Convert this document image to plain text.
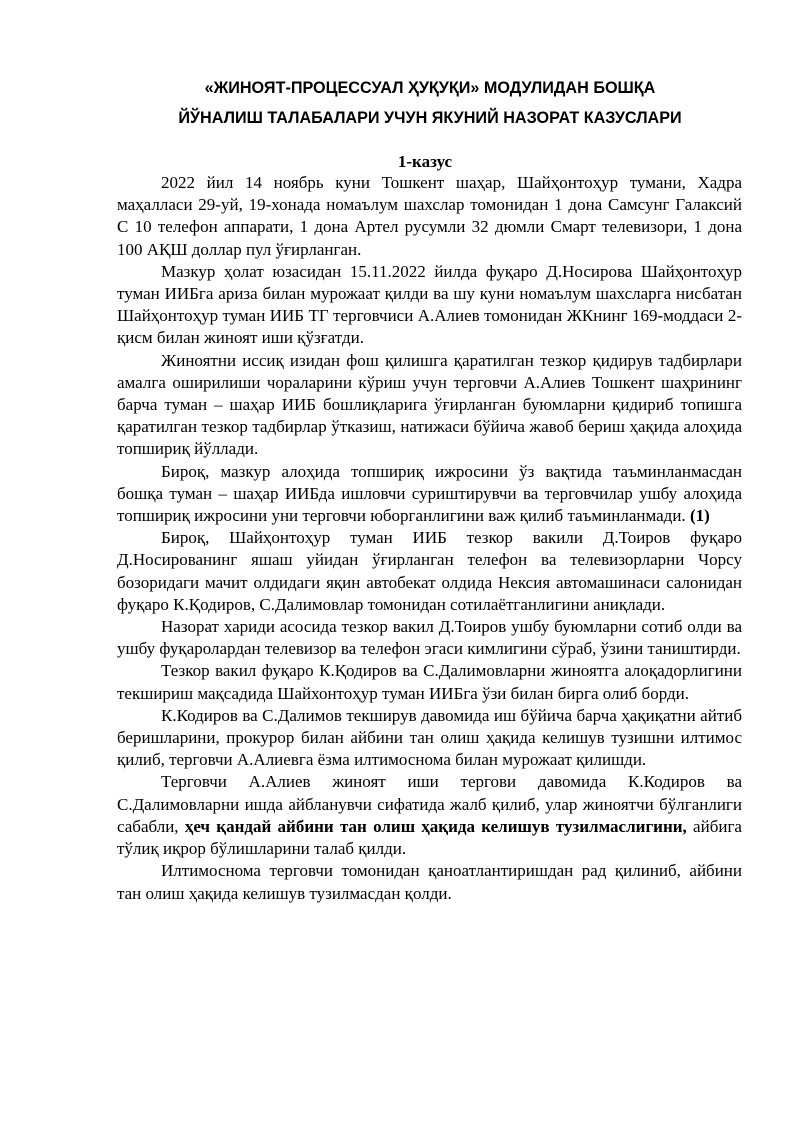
«ЖИНОЯТ-ПРОЦЕССУАЛ ҲУҚУҚИ» МОДУЛИДАН БОШҚА
ЙЎНАЛИШ ТАЛАБАЛАРИ УЧУН ЯКУНИЙ НАЗОРАТ КАЗУСЛАРИ
1-казус

2022 йил 14 ноябрь куни Тошкент шаҳар, Шайҳонтоҳур тумани, Хадра маҳалласи 29-уй, 19-хонада номаълум шахслар томонидан 1 дона Самсунг Галаксий С 10 телефон аппарати, 1 дона Артел русумли 32 дюмли Смарт телевизори, 1 дона 100 АҚШ доллар пул ўғирланган.

Мазкур ҳолат юзасидан 15.11.2022 йилда фуқаро Д.Носирова Шайҳонтоҳур туман ИИБга ариза билан мурожаат қилди ва шу куни номаълум шахсларга нисбатан Шайҳонтоҳур туман ИИБ ТГ терговчиси А.Алиев томонидан ЖКнинг 169-моддаси 2-қисм билан жиноят иши қўзғатди.

Жиноятни иссиқ изидан фош қилишга қаратилган тезкор қидирув тадбирлари амалга оширилиши чораларини кўриш учун терговчи А.Алиев Тошкент шаҳрининг барча туман – шаҳар ИИБ бошлиқларига ўғирланган буюмларни қидириб топишга қаратилган тезкор тадбирлар ўтказиш, натижаси бўйича жавоб бериш ҳақида алоҳида топшириқ йўллади.

Бироқ, мазкур алоҳида топшириқ ижросини ўз вақтида таъминланмасдан бошқа туман – шаҳар ИИБда ишловчи суриштирувчи ва терговчилар ушбу алоҳида топшириқ ижросини уни терговчи юборганлигини важ қилиб таъминланмади. (1)

Бироқ, Шайҳонтоҳур туман ИИБ тезкор вакили Д.Тоиров фуқаро Д.Носированинг яшаш уйидан ўғирланган телефон ва телевизорларни Чорсу бозоридаги мачит олдидаги яқин автобекат олдида Нексия автомашинаси салонидан фуқаро К.Қодиров, С.Далимовлар томонидан сотилаётганлигини аниқлади.

Назорат хариди асосида тезкор вакил Д.Тоиров ушбу буюмларни сотиб олди ва ушбу фуқаролардан телевизор ва телефон эгаси кимлигини сўраб, ўзини таништирди.

Тезкор вакил фуқаро К.Қодиров ва С.Далимовларни жиноятга алоқадорлигини текшириш мақсадида Шайхонтоҳур туман ИИБга ўзи билан бирга олиб борди.

К.Кодиров ва С.Далимов текширув давомида иш бўйича барча ҳақиқатни айтиб беришларини, прокурор билан айбини тан олиш ҳақида келишув тузишни илтимос қилиб, терговчи А.Алиевга ёзма илтимоснома билан мурожаат қилишди.

Терговчи А.Алиев жиноят иши тергови давомида К.Кодиров ва С.Далимовларни ишда айбланувчи сифатида жалб қилиб, улар жиноятчи бўлганлиги сабабли, ҳеч қандай айбини тан олиш ҳақида келишув тузилмаслигини, айбига тўлиқ иқрор бўлишларини талаб қилди.

Илтимоснома терговчи томонидан қаноатлантиришдан рад қилиниб, айбини тан олиш ҳақида келишув тузилмасдан қолди.
